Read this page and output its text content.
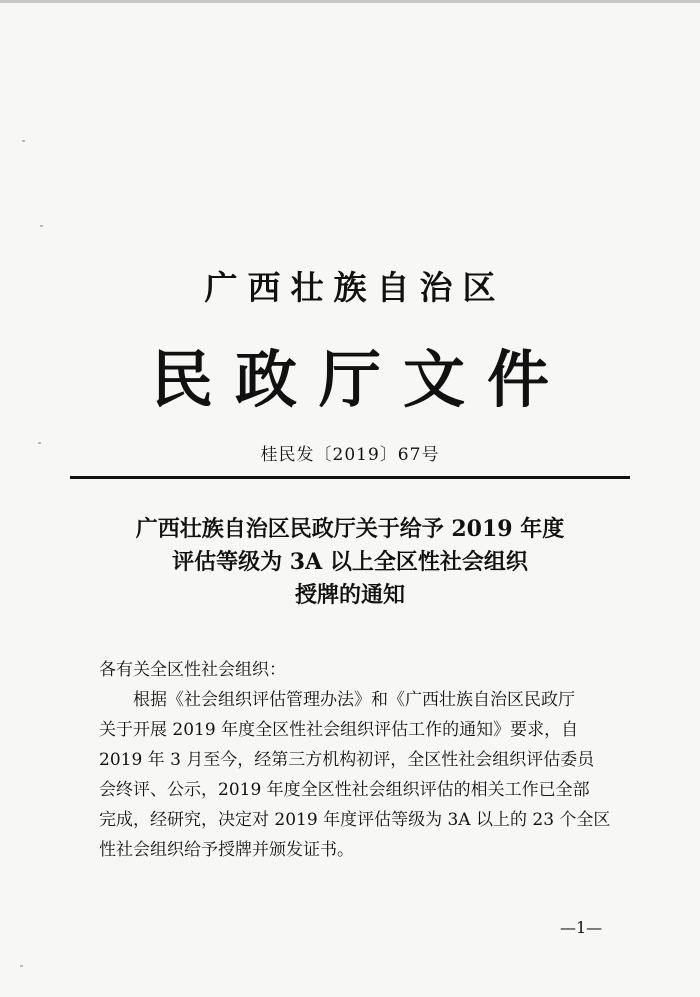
广西壮族自治区
民政厅文件
桂民发〔2019〕67号
广西壮族自治区民政厅关于给予 2019 年度
评估等级为 3A 以上全区性社会组织
授牌的通知
各有关全区性社会组织：
根据《社会组织评估管理办法》和《广西壮族自治区民政厅
关于开展 2019 年度全区性社会组织评估工作的通知》要求，自
2019 年 3 月至今，经第三方机构初评，全区性社会组织评估委员
会终评、公示，2019 年度全区性社会组织评估的相关工作已全部
完成，经研究，决定对 2019 年度评估等级为 3A 以上的 23 个全区
性社会组织给予授牌并颁发证书。
—1—
